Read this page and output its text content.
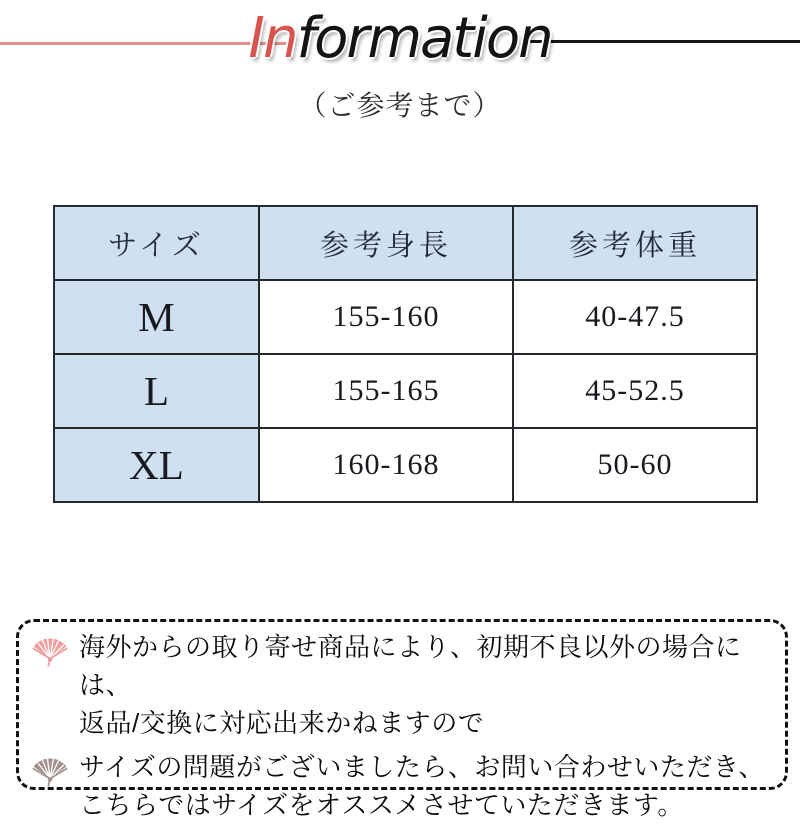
Information
（ご参考まで）
サイズ	参考身長	参考体重
M	155-160	40-47.5
L	155-165	45-52.5
XL	160-168	50-60
海外からの取り寄せ商品により、初期不良以外の場合には、
返品/交換に対応出来かねますので
サイズの問題がございましたら、お問い合わせいただき、
こちらではサイズをオススメさせていただきます。
